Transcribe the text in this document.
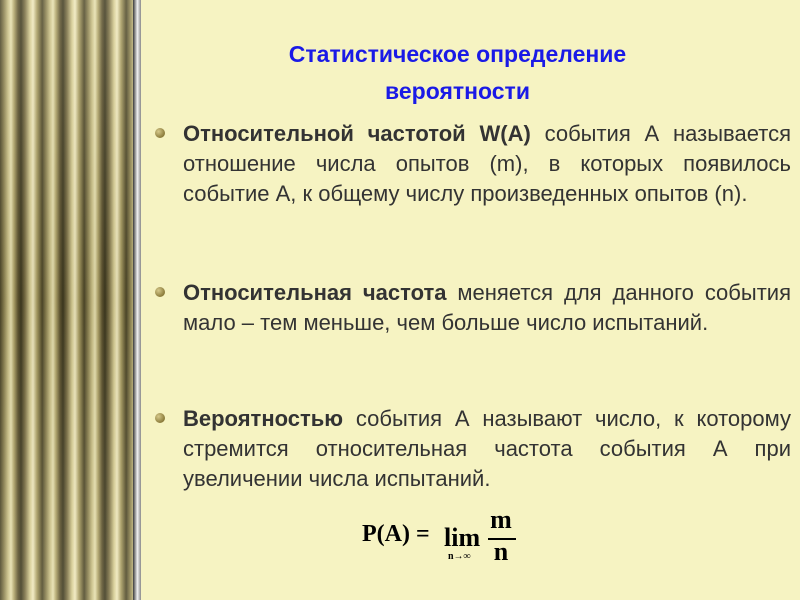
Статистическое определение
вероятности
Относительной частотой W(A) события А называется отношение числа опытов (m), в которых появилось событие А, к общему числу произведенных опытов (n).
Относительная частота меняется для данного события мало – тем меньше, чем больше число испытаний.
Вероятностью события А называют число, к которому стремится относительная частота события А при увеличении числа испытаний.
P(A) = lim
n→∞
m
n
